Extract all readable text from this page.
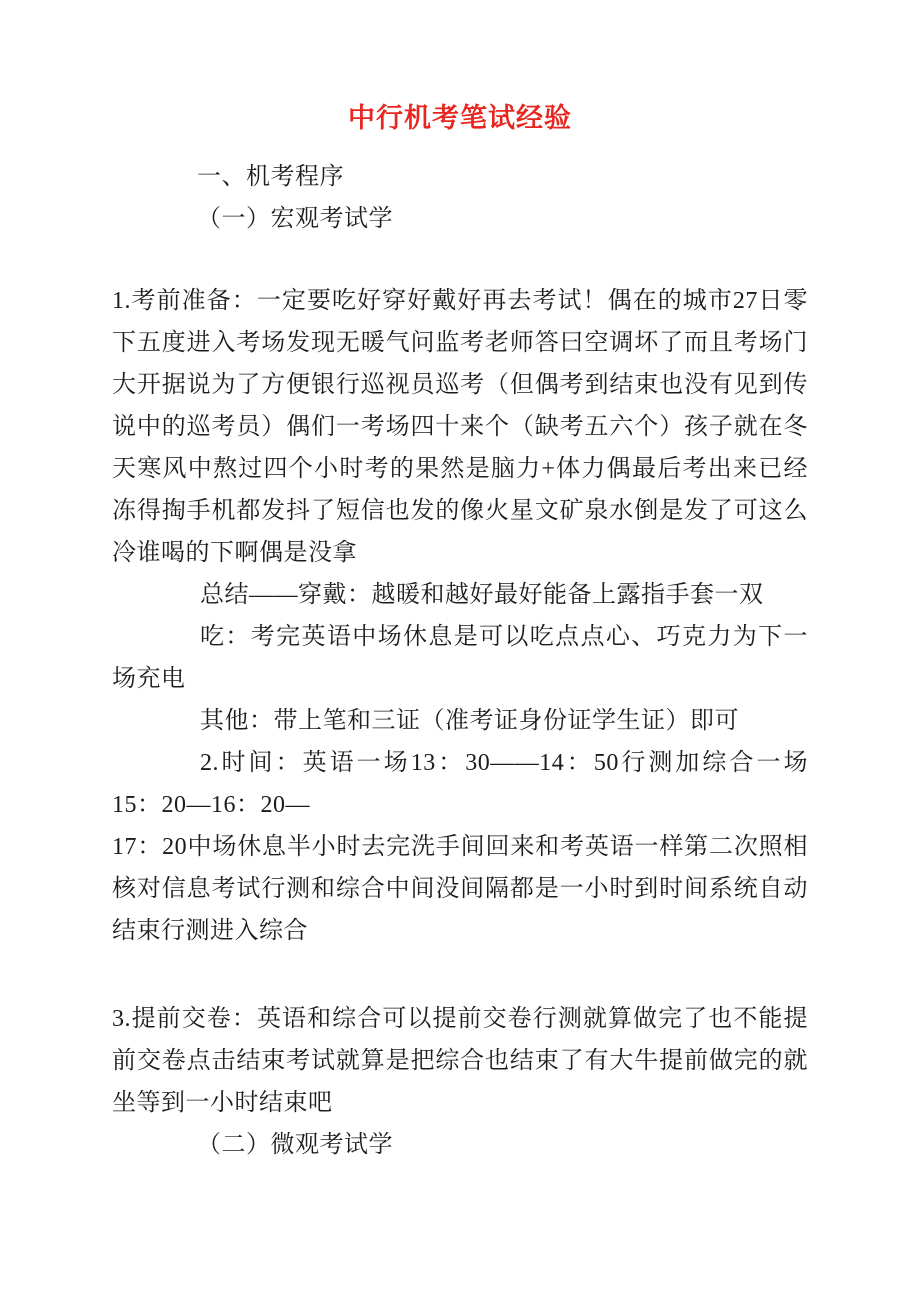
中行机考笔试经验
一、机考程序
（一）宏观考试学
1.考前准备：一定要吃好穿好戴好再去考试！偶在的城市27日零下五度进入考场发现无暖气问监考老师答曰空调坏了而且考场门大开据说为了方便银行巡视员巡考（但偶考到结束也没有见到传说中的巡考员）偶们一考场四十来个（缺考五六个）孩子就在冬天寒风中熬过四个小时考的果然是脑力+体力偶最后考出来已经冻得掏手机都发抖了短信也发的像火星文矿泉水倒是发了可这么冷谁喝的下啊偶是没拿
总结——穿戴：越暖和越好最好能备上露指手套一双
吃：考完英语中场休息是可以吃点点心、巧克力为下一场充电
其他：带上笔和三证（准考证身份证学生证）即可
2.时间：英语一场13：30——14：50行测加综合一场15：20—16：20—
17：20中场休息半小时去完洗手间回来和考英语一样第二次照相核对信息考试行测和综合中间没间隔都是一小时到时间系统自动结束行测进入综合
3.提前交卷：英语和综合可以提前交卷行测就算做完了也不能提前交卷点击结束考试就算是把综合也结束了有大牛提前做完的就坐等到一小时结束吧
（二）微观考试学
